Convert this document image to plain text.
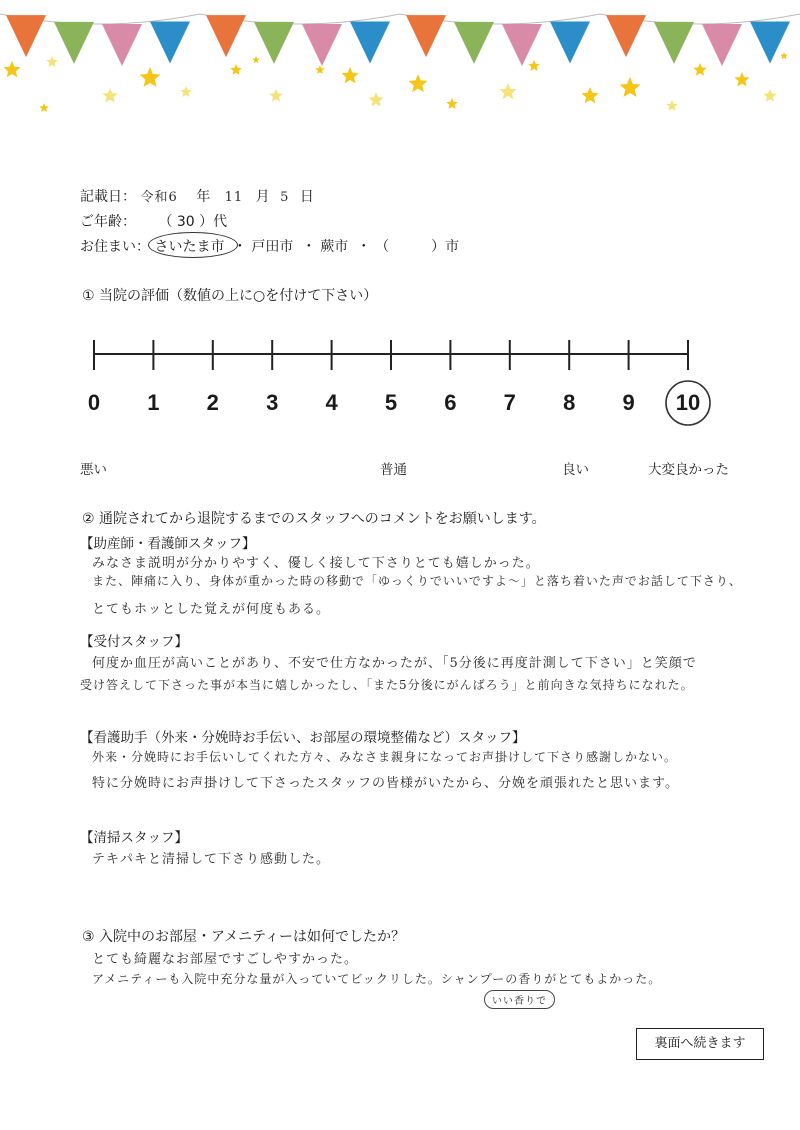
記載日： 令和6 年 11 月 5 日
ご年齢： （ 30 ）代
お住まい： さいたま市 ・ 戸田市 ・ 蕨市 ・ （　　　）市
① 当院の評価（数値の上に○を付けて下さい）
0	1	2	3	4	5	6	7	8	9	10
悪い	普通	良い	大変良かった
② 通院されてから退院するまでのスタッフへのコメントをお願いします。
【助産師・看護師スタッフ】
みなさま説明が分かりやすく、優しく接して下さりとても嬉しかった。
また、陣痛に入り、身体が重かった時の移動で「ゆっくりでいいですよ〜」と落ち着いた声でお話して下さり、
とてもホッとした覚えが何度もある。
【受付スタッフ】
何度か血圧が高いことがあり、不安で仕方なかったが、「5分後に再度計測して下さい」と笑顔で
受け答えして下さった事が本当に嬉しかったし、「また5分後にがんばろう」と前向きな気持ちになれた。
【看護助手（外来・分娩時お手伝い、お部屋の環境整備など）スタッフ】
外来・分娩時にお手伝いしてくれた方々、みなさま親身になってお声掛けして下さり感謝しかない。
特に分娩時にお声掛けして下さったスタッフの皆様がいたから、分娩を頑張れたと思います。
【清掃スタッフ】
テキパキと清掃して下さり感動した。
③ 入院中のお部屋・アメニティーは如何でしたか？
とても綺麗なお部屋ですごしやすかった。
アメニティーも入院中充分な量が入っていてビックリした。シャンプーの香りがとてもよかった。
いい香りで
裏面へ続きます
